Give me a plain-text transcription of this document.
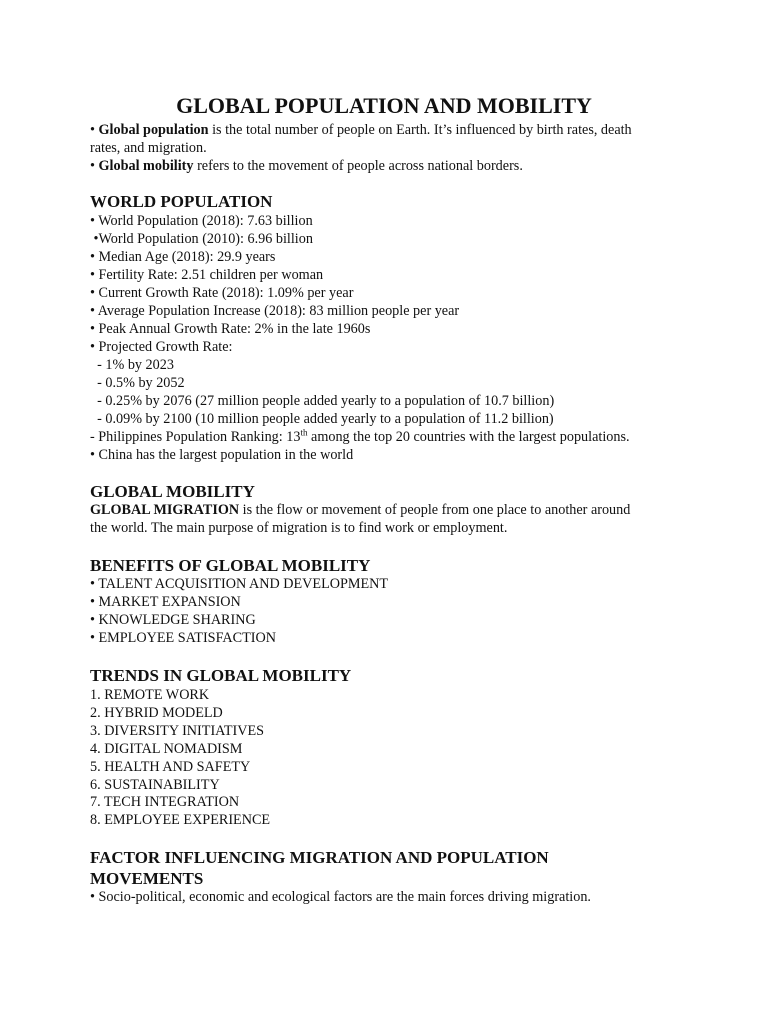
GLOBAL POPULATION AND MOBILITY
• Global population is the total number of people on Earth. It’s influenced by birth rates, death
rates, and migration.
• Global mobility refers to the movement of people across national borders.
WORLD POPULATION
• World Population (2018): 7.63 billion
•World Population (2010): 6.96 billion
• Median Age (2018): 29.9 years
• Fertility Rate: 2.51 children per woman
• Current Growth Rate (2018): 1.09% per year
• Average Population Increase (2018): 83 million people per year
• Peak Annual Growth Rate: 2% in the late 1960s
• Projected Growth Rate:
- 1% by 2023
- 0.5% by 2052
- 0.25% by 2076 (27 million people added yearly to a population of 10.7 billion)
- 0.09% by 2100 (10 million people added yearly to a population of 11.2 billion)
- Philippines Population Ranking: 13th among the top 20 countries with the largest populations.
• China has the largest population in the world
GLOBAL MOBILITY
GLOBAL MIGRATION is the flow or movement of people from one place to another around
the world. The main purpose of migration is to find work or employment.
BENEFITS OF GLOBAL MOBILITY
• TALENT ACQUISITION AND DEVELOPMENT
• MARKET EXPANSION
• KNOWLEDGE SHARING
• EMPLOYEE SATISFACTION
TRENDS IN GLOBAL MOBILITY
1. REMOTE WORK
2. HYBRID MODELD
3. DIVERSITY INITIATIVES
4. DIGITAL NOMADISM
5. HEALTH AND SAFETY
6. SUSTAINABILITY
7. TECH INTEGRATION
8. EMPLOYEE EXPERIENCE
FACTOR INFLUENCING MIGRATION AND POPULATION
MOVEMENTS
• Socio-political, economic and ecological factors are the main forces driving migration.
